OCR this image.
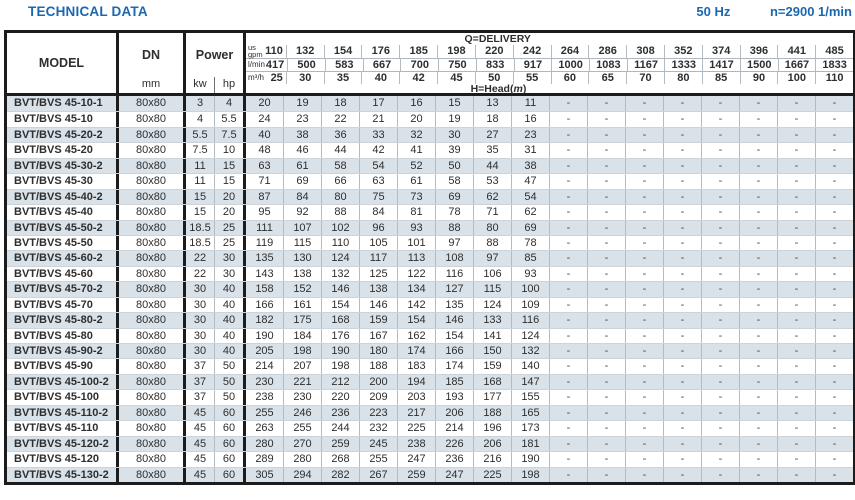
TECHNICAL DATA	50 Hz	n=2900 1/min
MODEL
DN
mm
Power
kw	hp
Q=DELIVERY
us
gpm 110	132	154	176	185	198	220	242	264	286	308	352	374	396	441	485
l/min 417	500	583	667	700	750	833	917	1000	1083	1167	1333	1417	1500	1667	1833
m³/h 25	30	35	40	42	45	50	55	60	65	70	80	85	90	100	110
H=Head(m)
BVT/BVS 45-10-1	80x80	3	4	20	19	18	17	16	15	13	11	-	-	-	-	-	-	-	-
BVT/BVS 45-10	80x80	4	5.5	24	23	22	21	20	19	18	16	-	-	-	-	-	-	-	-
BVT/BVS 45-20-2	80x80	5.5	7.5	40	38	36	33	32	30	27	23	-	-	-	-	-	-	-	-
BVT/BVS 45-20	80x80	7.5	10	48	46	44	42	41	39	35	31	-	-	-	-	-	-	-	-
BVT/BVS 45-30-2	80x80	11	15	63	61	58	54	52	50	44	38	-	-	-	-	-	-	-	-
BVT/BVS 45-30	80x80	11	15	71	69	66	63	61	58	53	47	-	-	-	-	-	-	-	-
BVT/BVS 45-40-2	80x80	15	20	87	84	80	75	73	69	62	54	-	-	-	-	-	-	-	-
BVT/BVS 45-40	80x80	15	20	95	92	88	84	81	78	71	62	-	-	-	-	-	-	-	-
BVT/BVS 45-50-2	80x80	18.5	25	111	107	102	96	93	88	80	69	-	-	-	-	-	-	-	-
BVT/BVS 45-50	80x80	18.5	25	119	115	110	105	101	97	88	78	-	-	-	-	-	-	-	-
BVT/BVS 45-60-2	80x80	22	30	135	130	124	117	113	108	97	85	-	-	-	-	-	-	-	-
BVT/BVS 45-60	80x80	22	30	143	138	132	125	122	116	106	93	-	-	-	-	-	-	-	-
BVT/BVS 45-70-2	80x80	30	40	158	152	146	138	134	127	115	100	-	-	-	-	-	-	-	-
BVT/BVS 45-70	80x80	30	40	166	161	154	146	142	135	124	109	-	-	-	-	-	-	-	-
BVT/BVS 45-80-2	80x80	30	40	182	175	168	159	154	146	133	116	-	-	-	-	-	-	-	-
BVT/BVS 45-80	80x80	30	40	190	184	176	167	162	154	141	124	-	-	-	-	-	-	-	-
BVT/BVS 45-90-2	80x80	30	40	205	198	190	180	174	166	150	132	-	-	-	-	-	-	-	-
BVT/BVS 45-90	80x80	37	50	214	207	198	188	183	174	159	140	-	-	-	-	-	-	-	-
BVT/BVS 45-100-2	80x80	37	50	230	221	212	200	194	185	168	147	-	-	-	-	-	-	-	-
BVT/BVS 45-100	80x80	37	50	238	230	220	209	203	193	177	155	-	-	-	-	-	-	-	-
BVT/BVS 45-110-2	80x80	45	60	255	246	236	223	217	206	188	165	-	-	-	-	-	-	-	-
BVT/BVS 45-110	80x80	45	60	263	255	244	232	225	214	196	173	-	-	-	-	-	-	-	-
BVT/BVS 45-120-2	80x80	45	60	280	270	259	245	238	226	206	181	-	-	-	-	-	-	-	-
BVT/BVS 45-120	80x80	45	60	289	280	268	255	247	236	216	190	-	-	-	-	-	-	-	-
BVT/BVS 45-130-2	80x80	45	60	305	294	282	267	259	247	225	198	-	-	-	-	-	-	-	-
